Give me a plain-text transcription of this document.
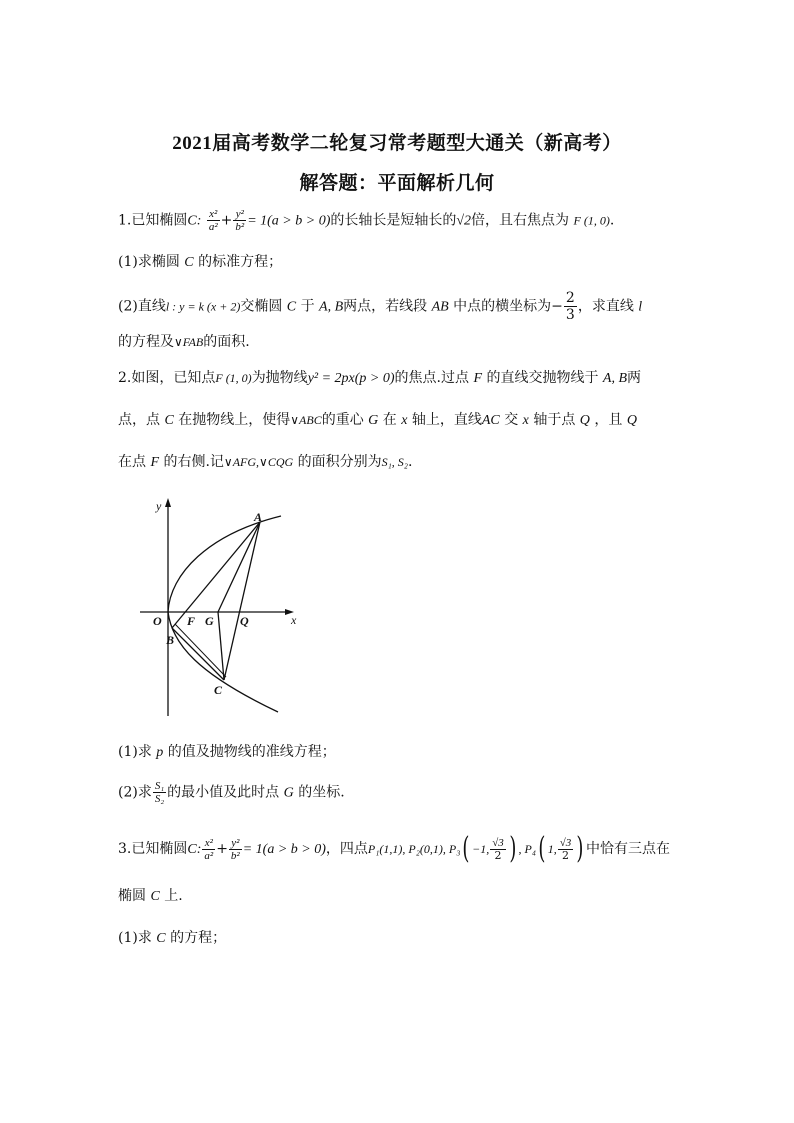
2021届高考数学二轮复习常考题型大通关（新高考）
解答题：平面解析几何
1.已知椭圆C: $\frac{\text{x²}}{\text{a²}} + \frac{\text{y²}}{\text{b²}} = 1(a > b > 0)$的长轴长是短轴长的√2倍，且右焦点为 F (1, 0).
(1)求椭圆 C 的标准方程；
(2)直线l : y = k (x + 2)交椭圆 C 于 A, B两点，若线段 AB 中点的横坐标为− $\frac{2}{3}$ ，求直线 l
的方程及∨FAB的面积.
2.如图，已知点F (1, 0)为抛物线y² = 2px(p > 0)的焦点.过点 F 的直线交抛物线于 A, B两
点，点 C 在抛物线上，使得∨ABC的重心 G 在 x 轴上，直线AC 交 x 轴于点 Q ，且 Q
在点 F 的右侧.记∨AFG,∨CQG 的面积分别为S₁, S₂.
y
x
O F G Q
A
B
C
(1)求 p 的值及抛物线的准线方程；
(2)求 $\frac{\text{S₁}}{\text{S₂}}$ 的最小值及此时点 G 的坐标.
3.已知椭圆C: $\frac{\text{x²}}{\text{a²}} + \frac{\text{y²}}{\text{b²}} = 1(a > b > 0)$，四点P₁(1,1), P₂(0,1), P₃( −1, $\frac{√3}{2}$ ) , P₄( 1, $\frac{√3}{2}$ ) 中恰有三点在
椭圆 C 上.
(1)求 C 的方程；
